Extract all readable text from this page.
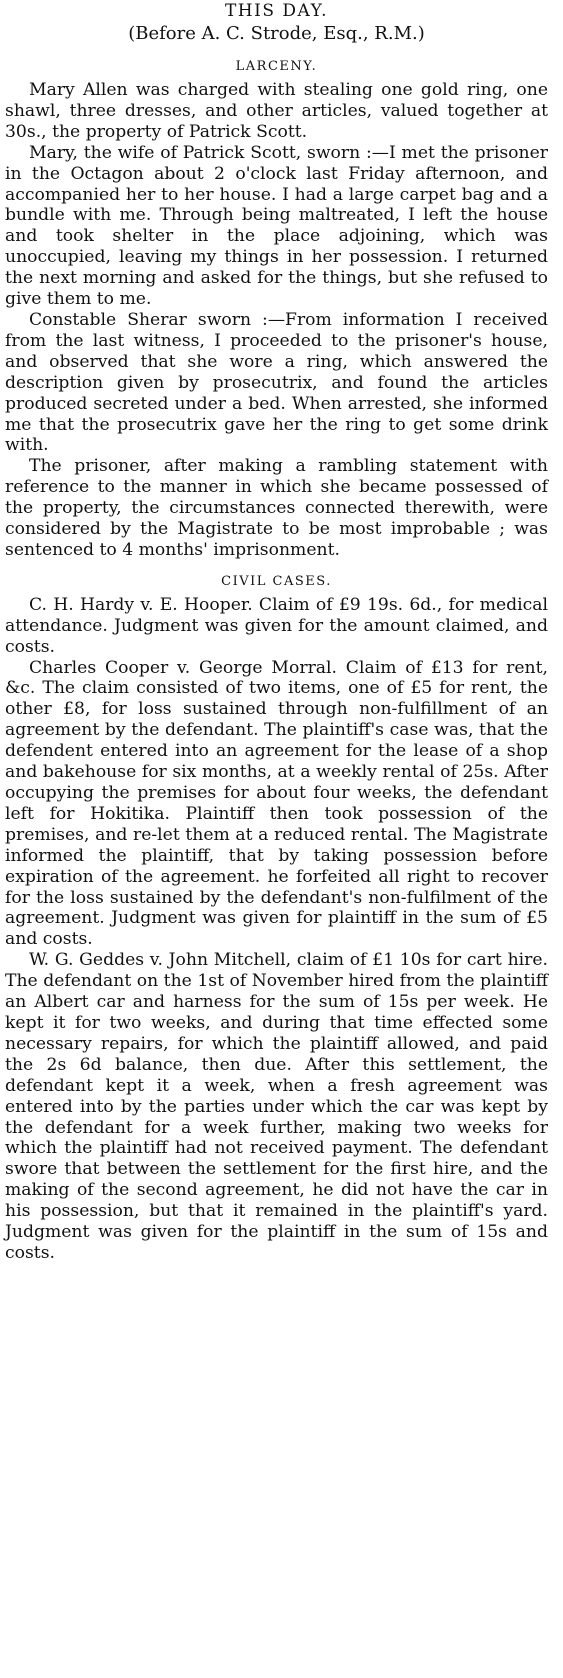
THIS DAY.
(Before A. C. Strode, Esq., R.M.)
LARCENY.

Mary Allen was charged with stealing one gold ring, one shawl, three dresses, and other articles, valued together at 30s., the property of Patrick Scott.

Mary, the wife of Patrick Scott, sworn :—I met the prisoner in the Octagon about 2 o'clock last Friday afternoon, and accompanied her to her house. I had a large carpet bag and a bundle with me. Through being maltreated, I left the house and took shelter in the place adjoining, which was unoccupied, leaving my things in her possession. I returned the next morning and asked for the things, but she refused to give them to me.

Constable Sherar sworn :—From information I received from the last witness, I proceeded to the prisoner's house, and observed that she wore a ring, which answered the description given by prosecutrix, and found the articles produced secreted under a bed. When arrested, she informed me that the prosecutrix gave her the ring to get some drink with.

The prisoner, after making a rambling statement with reference to the manner in which she became possessed of the property, the circumstances connected therewith, were considered by the Magistrate to be most improbable ; was sentenced to 4 months' imprisonment.

CIVIL CASES.

C. H. Hardy v. E. Hooper. Claim of £9 19s. 6d., for medical attendance. Judgment was given for the amount claimed, and costs.

Charles Cooper v. George Morral. Claim of £13 for rent, &c. The claim consisted of two items, one of £5 for rent, the other £8, for loss sustained through non-fulfillment of an agreement by the defendant. The plaintiff's case was, that the defendent entered into an agreement for the lease of a shop and bakehouse for six months, at a weekly rental of 25s. After occupying the premises for about four weeks, the defendant left for Hokitika. Plaintiff then took possession of the premises, and re-let them at a reduced rental. The Magistrate informed the plaintiff, that by taking possession before expiration of the agreement. he forfeited all right to recover for the loss sustained by the defendant's non-fulfilment of the agreement. Judgment was given for plaintiff in the sum of £5 and costs.

W. G. Geddes v. John Mitchell, claim of £1 10s for cart hire. The defendant on the 1st of November hired from the plaintiff an Albert car and harness for the sum of 15s per week. He kept it for two weeks, and during that time effected some necessary repairs, for which the plaintiff allowed, and paid the 2s 6d balance, then due. After this settlement, the defendant kept it a week, when a fresh agreement was entered into by the parties under which the car was kept by the defendant for a week further, making two weeks for which the plaintiff had not received payment. The defendant swore that between the settlement for the first hire, and the making of the second agreement, he did not have the car in his possession, but that it remained in the plaintiff's yard. Judgment was given for the plaintiff in the sum of 15s and costs.
